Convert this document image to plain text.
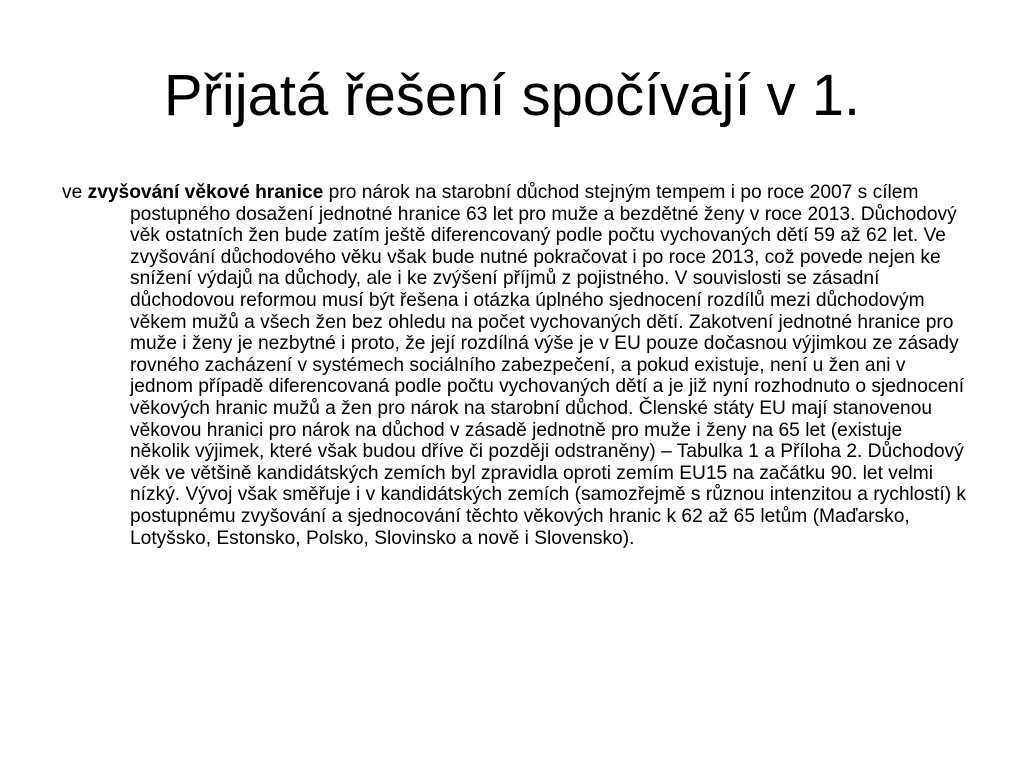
Přijatá řešení spočívají v 1.

ve zvyšování věkové hranice pro nárok na starobní důchod stejným tempem i po roce 2007 s cílem postupného dosažení jednotné hranice 63 let pro muže a bezdětné ženy v roce 2013. Důchodový věk ostatních žen bude zatím ještě diferencovaný podle počtu vychovaných dětí 59 až 62 let. Ve zvyšování důchodového věku však bude nutné pokračovat i po roce 2013, což povede nejen ke snížení výdajů na důchody, ale i ke zvýšení příjmů z pojistného. V souvislosti se zásadní důchodovou reformou musí být řešena i otázka úplného sjednocení rozdílů mezi důchodovým věkem mužů a všech žen bez ohledu na počet vychovaných dětí. Zakotvení jednotné hranice pro muže i ženy je nezbytné i proto, že její rozdílná výše je v EU pouze dočasnou výjimkou ze zásady rovného zacházení v systémech sociálního zabezpečení, a pokud existuje, není u žen ani v jednom případě diferencovaná podle počtu vychovaných dětí a je již nyní rozhodnuto o sjednocení věkových hranic mužů a žen pro nárok na starobní důchod. Členské státy EU mají stanovenou věkovou hranici pro nárok na důchod v zásadě jednotně pro muže i ženy na 65 let (existuje několik výjimek, které však budou dříve či později odstraněny) – Tabulka 1 a Příloha 2. Důchodový věk ve většině kandidátských zemích byl zpravidla oproti zemím EU15 na začátku 90. let velmi nízký. Vývoj však směřuje i v kandidátských zemích (samozřejmě s různou intenzitou a rychlostí) k postupnému zvyšování a sjednocování těchto věkových hranic k 62 až 65 letům (Maďarsko, Lotyšsko, Estonsko, Polsko, Slovinsko a nově i Slovensko).
